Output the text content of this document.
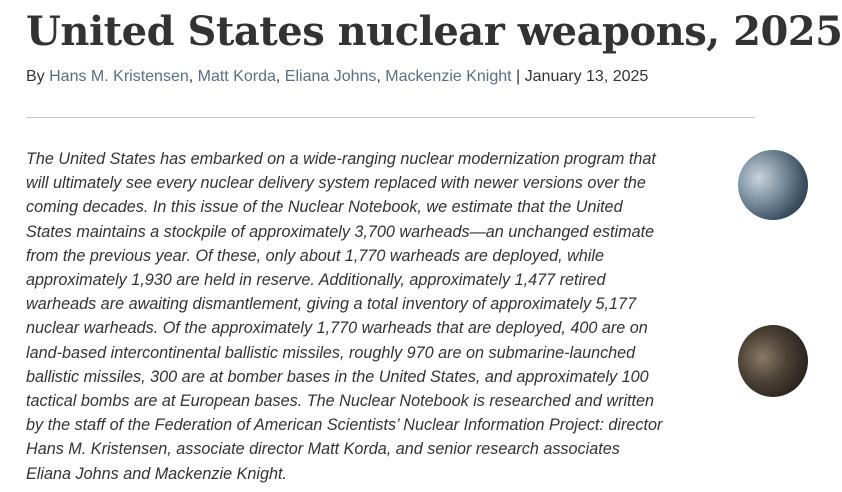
United States nuclear weapons, 2025
By Hans M. Kristensen, Matt Korda, Eliana Johns, Mackenzie Knight | January 13, 2025

The United States has embarked on a wide-ranging nuclear modernization program that will ultimately see every nuclear delivery system replaced with newer versions over the coming decades. In this issue of the Nuclear Notebook, we estimate that the United States maintains a stockpile of approximately 3,700 warheads—an unchanged estimate from the previous year. Of these, only about 1,770 warheads are deployed, while approximately 1,930 are held in reserve. Additionally, approximately 1,477 retired warheads are awaiting dismantlement, giving a total inventory of approximately 5,177 nuclear warheads. Of the approximately 1,770 warheads that are deployed, 400 are on land-based intercontinental ballistic missiles, roughly 970 are on submarine-launched ballistic missiles, 300 are at bomber bases in the United States, and approximately 100 tactical bombs are at European bases. The Nuclear Notebook is researched and written by the staff of the Federation of American Scientists’ Nuclear Information Project: director Hans M. Kristensen, associate director Matt Korda, and senior research associates Eliana Johns and Mackenzie Knight.
